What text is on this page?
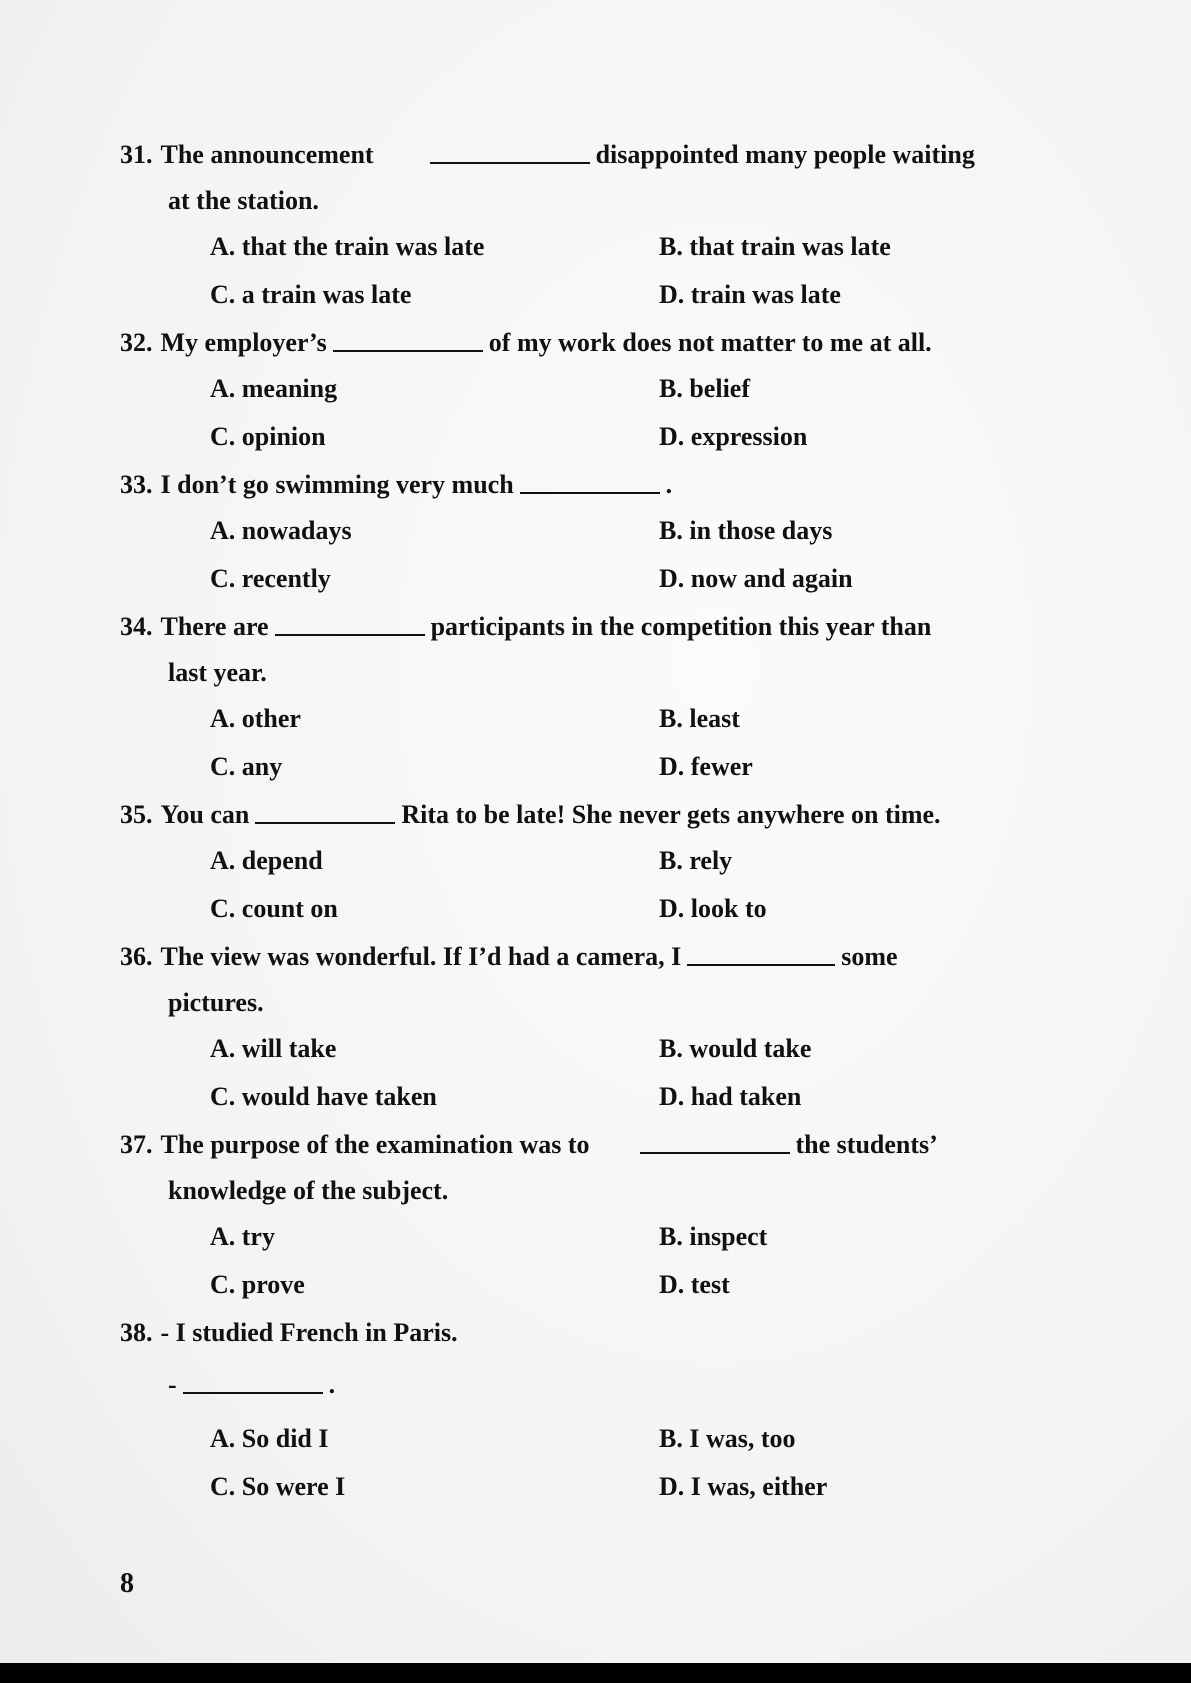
31. The announcement	disappointed many people waiting
at the station.
A. that the train was late	B. that train was late
C. a train was late	D. train was late
32. My employer’s	of my work does not matter to me at all.
A. meaning	B. belief
C. opinion	D. expression
33. I don’t go swimming very much	.
A. nowadays	B. in those days
C. recently	D. now and again
34. There are	participants in the competition this year than
last year.
A. other	B. least
C. any	D. fewer
35. You can	Rita to be late! She never gets anywhere on time.
A. depend	B. rely
C. count on	D. look to
36. The view was wonderful. If I’d had a camera, I	some
pictures.
A. will take	B. would take
C. would have taken	D. had taken
37. The purpose of the examination was to	the students’
knowledge of the subject.
A. try	B. inspect
C. prove	D. test
38. - I studied French in Paris.
-	.
A. So did I	B. I was, too
C. So were I	D. I was, either
8
